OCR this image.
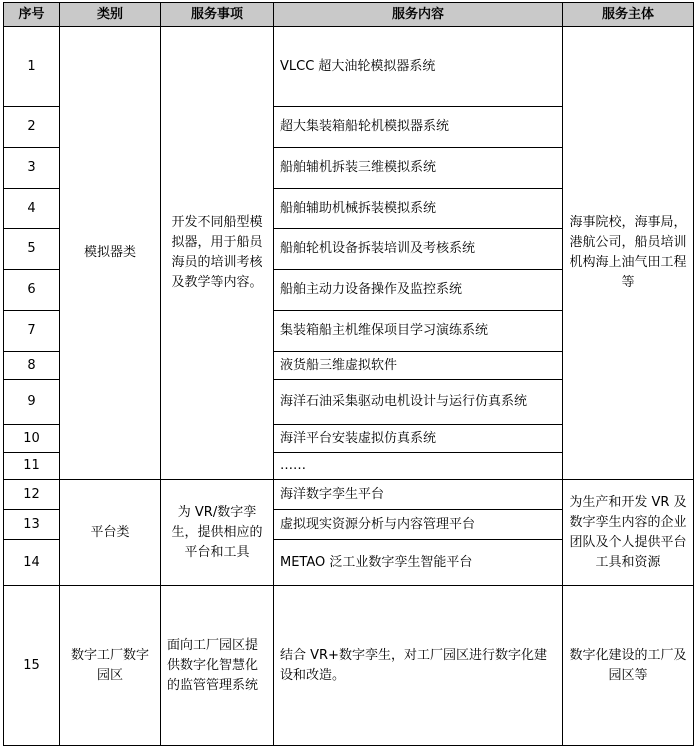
序号	类别	服务事项	服务内容	服务主体
1	模拟器类	开发不同船型模拟器，用于船员海员的培训考核及教学等内容。	VLCC 超大油轮模拟器系统	海事院校，海事局，港航公司，船员培训机构海上油气田工程等
2			超大集装箱船轮机模拟器系统	
3			船舶辅机拆装三维模拟系统	
4			船舶辅助机械拆装模拟系统	
5			船舶轮机设备拆装培训及考核系统	
6			船舶主动力设备操作及监控系统	
7			集装箱船主机维保项目学习演练系统	
8			液货船三维虚拟软件	
9			海洋石油采集驱动电机设计与运行仿真系统	
10			海洋平台安装虚拟仿真系统	
11			……	
12	平台类	为 VR/数字孪生，提供相应的平台和工具	海洋数字孪生平台	为生产和开发 VR 及数字孪生内容的企业团队及个人提供平台工具和资源
13			虚拟现实资源分析与内容管理平台	
14			METAO 泛工业数字孪生智能平台	
15	数字工厂数字园区	面向工厂园区提供数字化智慧化的监管管理系统	结合 VR+数字孪生，对工厂园区进行数字化建设和改造。	数字化建设的工厂及园区等
